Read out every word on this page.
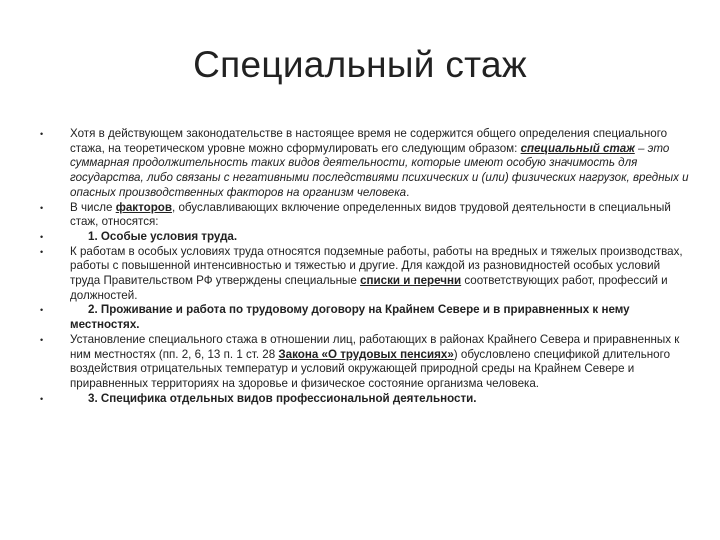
Специальный стаж
• Хотя в действующем законодательстве в настоящее время не содержится общего определения специального стажа, на теоретическом уровне можно сформулировать его следующим образом: специальный стаж – это суммарная продолжительность таких видов деятельности, которые имеют особую значимость для государства, либо связаны с негативными последствиями психических и (или) физических нагрузок, вредных и опасных производственных факторов на организм человека.
• В числе факторов, обуславливающих включение определенных видов трудовой деятельности в специальный стаж, относятся:
•	1. Особые условия труда.
• К работам в особых условиях труда относятся подземные работы, работы на вредных и тяжелых производствах, работы с повышенной интенсивностью и тяжестью и другие. Для каждой из разновидностей особых условий труда Правительством РФ утверждены специальные списки и перечни соответствующих работ, профессий и должностей.
•	2. Проживание и работа по трудовому договору на Крайнем Севере и в приравненных к нему местностях.
• Установление специального стажа в отношении лиц, работающих в районах Крайнего Севера и приравненных к ним местностях (пп. 2, 6, 13 п. 1 ст. 28 Закона «О трудовых пенсиях») обусловлено спецификой длительного воздействия отрицательных температур и условий окружающей природной среды на Крайнем Севере и приравненных территориях на здоровье и физическое состояние организма человека.
•	3. Специфика отдельных видов профессиональной деятельности.
